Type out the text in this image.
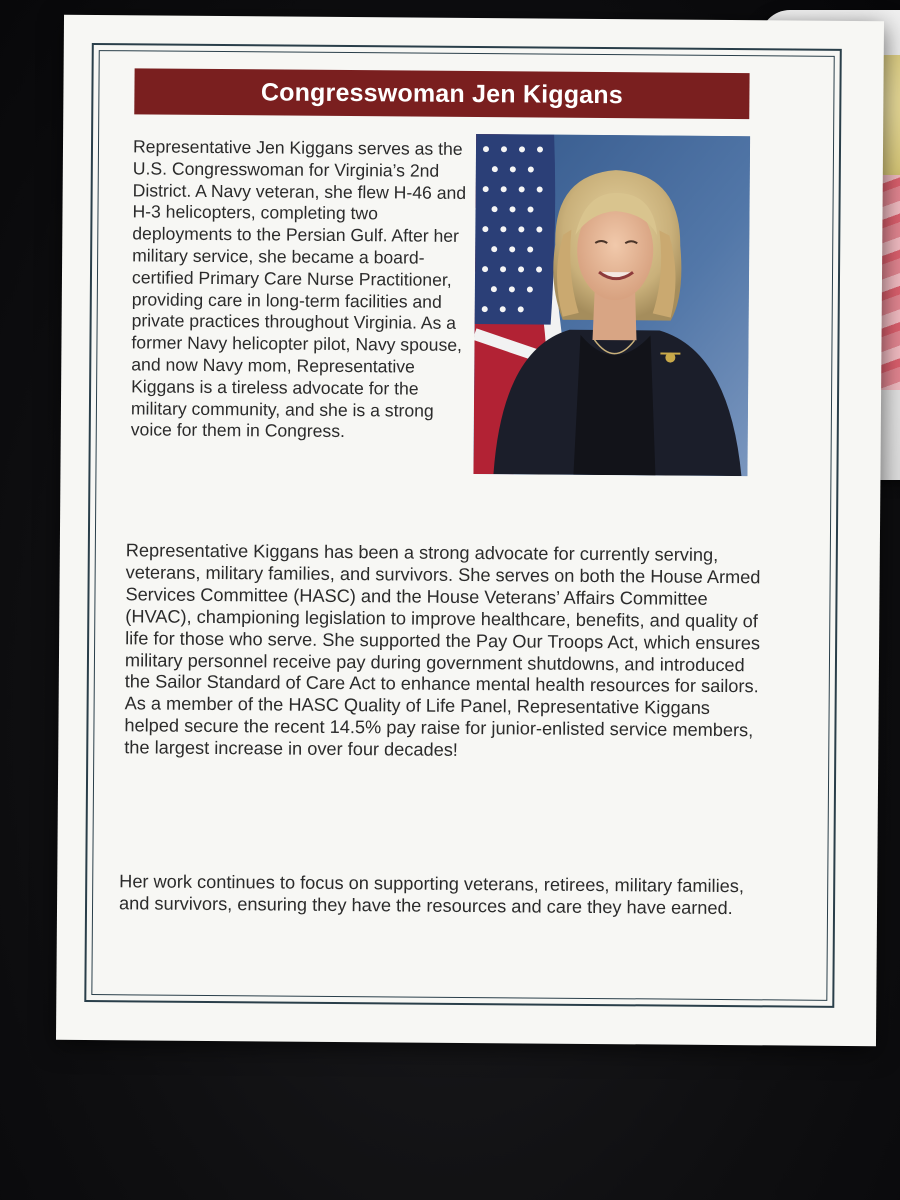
Congresswoman Jen Kiggans
Representative Jen Kiggans serves as the U.S. Congresswoman for Virginia’s 2nd District. A Navy veteran, she flew H-46 and H-3 helicopters, completing two deployments to the Persian Gulf. After her military service, she became a board-certified Primary Care Nurse Practitioner, providing care in long-term facilities and private practices throughout Virginia. As a former Navy helicopter pilot, Navy spouse, and now Navy mom, Representative Kiggans is a tireless advocate for the military community, and she is a strong voice for them in Congress.
Representative Kiggans has been a strong advocate for currently serving, veterans, military families, and survivors. She serves on both the House Armed Services Committee (HASC) and the House Veterans’ Affairs Committee (HVAC), championing legislation to improve healthcare, benefits, and quality of life for those who serve. She supported the Pay Our Troops Act, which ensures military personnel receive pay during government shutdowns, and introduced the Sailor Standard of Care Act to enhance mental health resources for sailors. As a member of the HASC Quality of Life Panel, Representative Kiggans helped secure the recent 14.5% pay raise for junior-enlisted service members, the largest increase in over four decades!
Her work continues to focus on supporting veterans, retirees, military families, and survivors, ensuring they have the resources and care they have earned.
